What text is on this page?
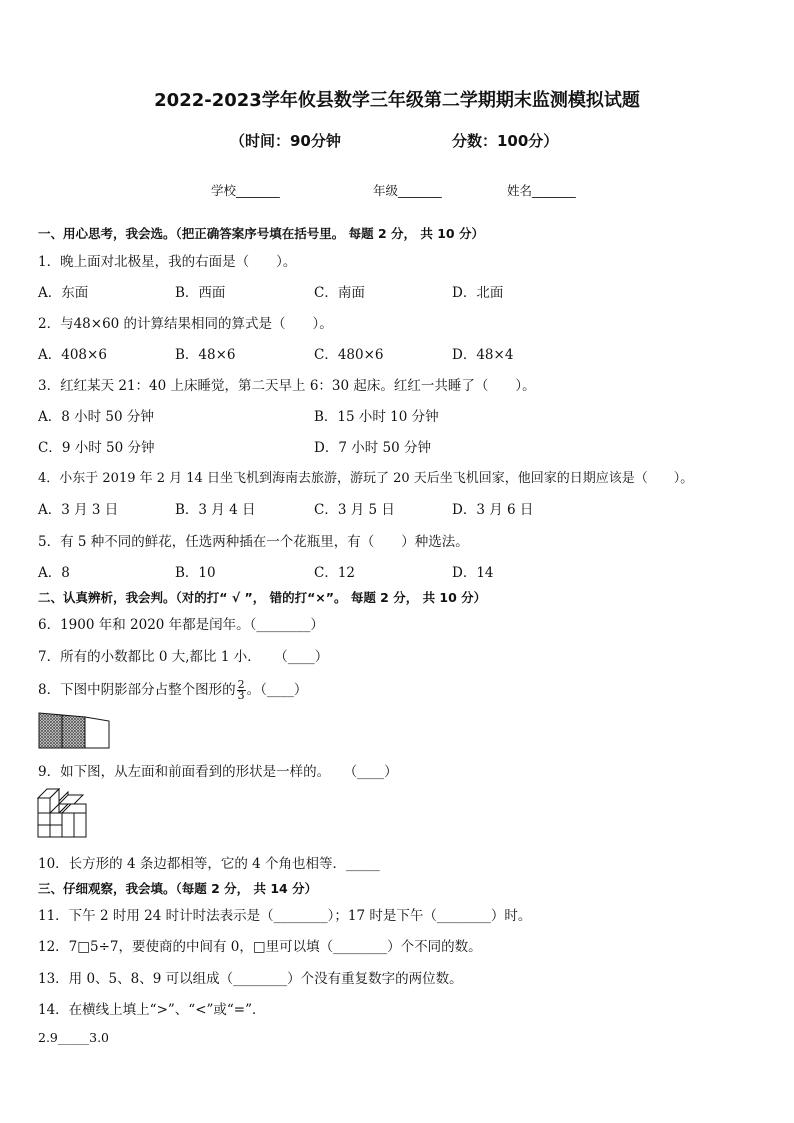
2022-2023学年攸县数学三年级第二学期期末监测模拟试题
（时间：90分钟	分数：100分）
学校_______	年级_______	姓名_______
一、用心思考，我会选。（把正确答案序号填在括号里。 每题 2 分， 共 10 分）
1．晚上面对北极星，我的右面是（　　）。
A．东面	B．西面	C．南面	D．北面
2．与48×60 的计算结果相同的算式是（　　）。
A．408×6	B．48×6	C．480×6	D．48×4
3．红红某天 21：40 上床睡觉，第二天早上 6：30 起床。红红一共睡了（　　）。
A．8 小时 50 分钟	B．15 小时 10 分钟
C．9 小时 50 分钟	D．7 小时 50 分钟
4．小东于 2019 年 2 月 14 日坐飞机到海南去旅游，游玩了 20 天后坐飞机回家，他回家的日期应该是（　　）。
A．3 月 3 日	B．3 月 4 日	C．3 月 5 日	D．3 月 6 日
5．有 5 种不同的鲜花，任选两种插在一个花瓶里，有（　　）种选法。
A．8	B．10	C．12	D．14
二、认真辨析，我会判。（对的打“ √ ”， 错的打“×”。 每题 2 分， 共 10 分）
6．1900 年和 2020 年都是闰年。（________）
7．所有的小数都比 0 大,都比 1 小．　　（____）
8．下图中阴影部分占整个图形的 $\frac{2}{3}$ 。（____）
9．如下图，从左面和前面看到的形状是一样的。　　（____）
10．长方形的 4 条边都相等，它的 4 个角也相等．_____
三、仔细观察，我会填。（每题 2 分， 共 14 分）
11．下午 2 时用 24 时计时法表示是（________）；17 时是下午（________）时。
12．7□5÷7，要使商的中间有 0，□里可以填（________）个不同的数。
13．用 0、5、8、9 可以组成（________）个没有重复数字的两位数。
14．在横线上填上“>”、“<”或“=”．
2.9_____3.0
